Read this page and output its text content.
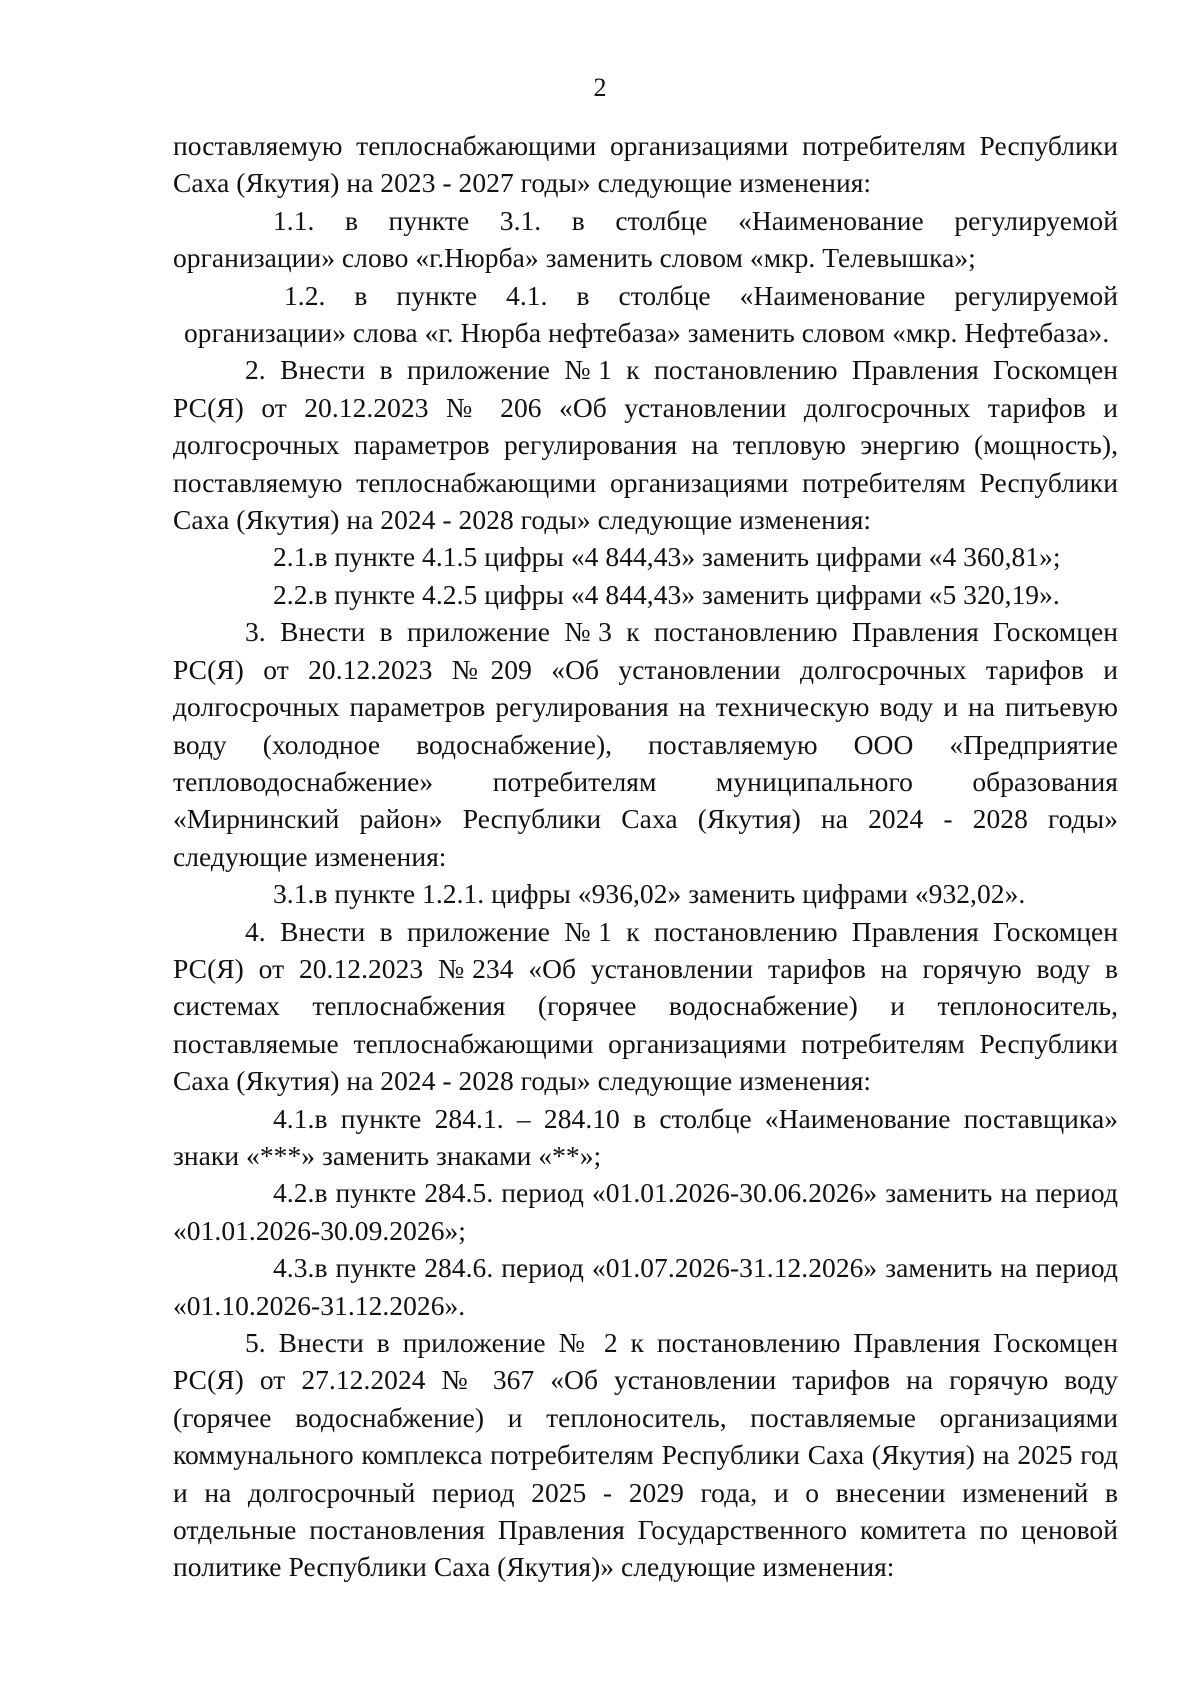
2

поставляемую теплоснабжающими организациями потребителям Республики Саха (Якутия) на 2023 - 2027 годы» следующие изменения:

1.1. в пункте 3.1. в столбце «Наименование регулируемой организации» слово «г.Нюрба» заменить словом «мкр. Телевышка»;

1.2. в пункте 4.1. в столбце «Наименование регулируемой организации» слова «г. Нюрба нефтебаза» заменить словом «мкр. Нефтебаза».

2. Внести в приложение №1 к постановлению Правления Госкомцен РС(Я) от 20.12.2023 № 206 «Об установлении долгосрочных тарифов и долгосрочных параметров регулирования на тепловую энергию (мощность), поставляемую теплоснабжающими организациями потребителям Республики Саха (Якутия) на 2024 - 2028 годы» следующие изменения:

2.1.в пункте 4.1.5 цифры «4 844,43» заменить цифрами «4 360,81»;

2.2.в пункте 4.2.5 цифры «4 844,43» заменить цифрами «5 320,19».

3. Внести в приложение №3 к постановлению Правления Госкомцен РС(Я) от 20.12.2023 №209 «Об установлении долгосрочных тарифов и долгосрочных параметров регулирования на техническую воду и на питьевую воду (холодное водоснабжение), поставляемую ООО «Предприятие тепловодоснабжение» потребителям муниципального образования «Мирнинский район» Республики Саха (Якутия) на 2024 - 2028 годы» следующие изменения:

3.1.в пункте 1.2.1. цифры «936,02» заменить цифрами «932,02».

4. Внести в приложение №1 к постановлению Правления Госкомцен РС(Я) от 20.12.2023 №234 «Об установлении тарифов на горячую воду в системах теплоснабжения (горячее водоснабжение) и теплоноситель, поставляемые теплоснабжающими организациями потребителям Республики Саха (Якутия) на 2024 - 2028 годы» следующие изменения:

4.1.в пункте 284.1. – 284.10 в столбце «Наименование поставщика» знаки «***» заменить знаками «**»;

4.2.в пункте 284.5. период «01.01.2026-30.06.2026» заменить на период «01.01.2026-30.09.2026»;

4.3.в пункте 284.6. период «01.07.2026-31.12.2026» заменить на период «01.10.2026-31.12.2026».

5. Внести в приложение № 2 к постановлению Правления Госкомцен РС(Я) от 27.12.2024 № 367 «Об установлении тарифов на горячую воду (горячее водоснабжение) и теплоноситель, поставляемые организациями коммунального комплекса потребителям Республики Саха (Якутия) на 2025 год и на долгосрочный период 2025 - 2029 года, и о внесении изменений в отдельные постановления Правления Государственного комитета по ценовой политике Республики Саха (Якутия)» следующие изменения:
